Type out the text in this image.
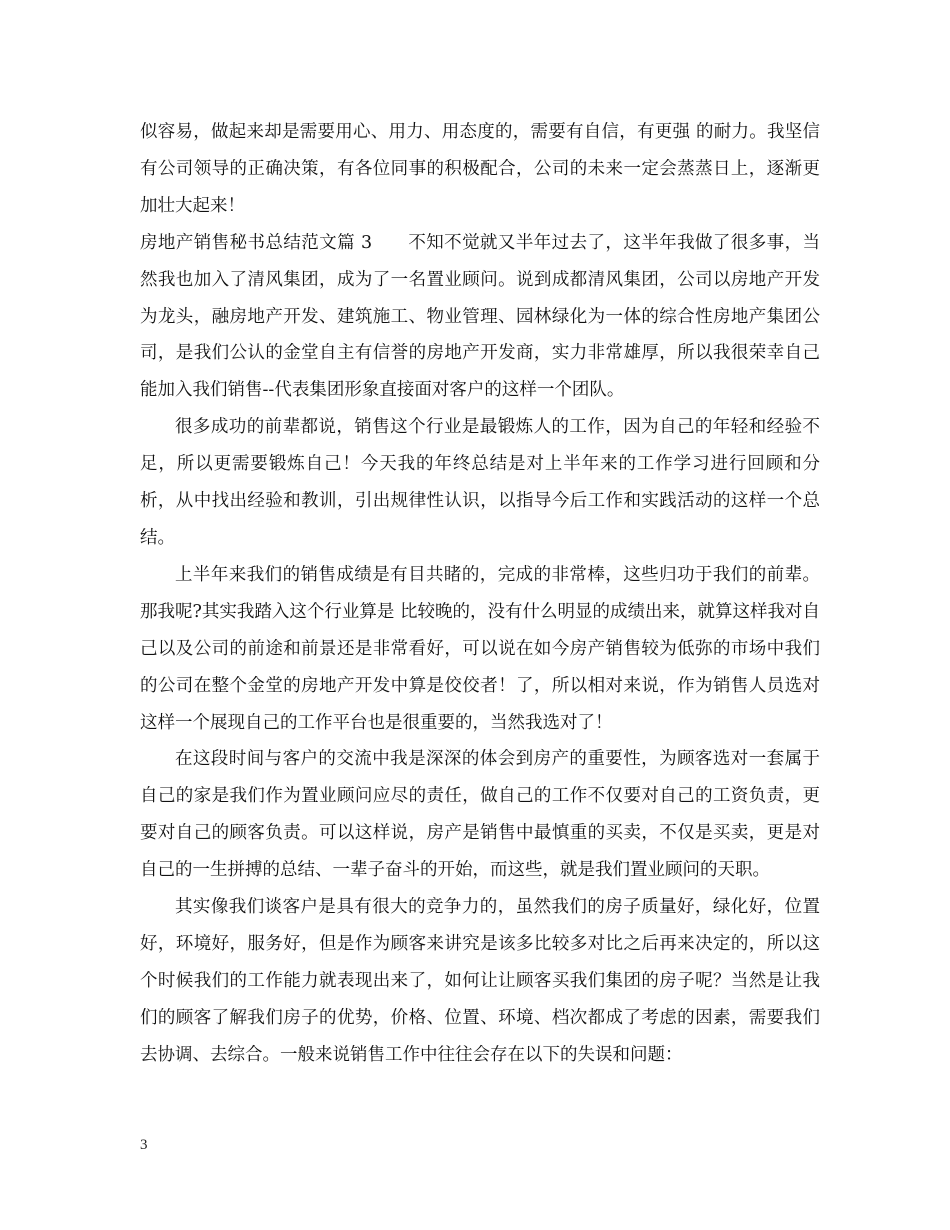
似容易，做起来却是需要用心、用力、用态度的，需要有自信，有更强 的耐力。我坚信有公司领导的正确决策，有各位同事的积极配合，公司的未来一定会蒸蒸日上，逐渐更加壮大起来！

房地产销售秘书总结范文篇 3　　不知不觉就又半年过去了，这半年我做了很多事，当然我也加入了清风集团，成为了一名置业顾问。说到成都清风集团，公司以房地产开发为龙头，融房地产开发、建筑施工、物业管理、园林绿化为一体的综合性房地产集团公司，是我们公认的金堂自主有信誉的房地产开发商，实力非常雄厚，所以我很荣幸自己能加入我们销售--代表集团形象直接面对客户的这样一个团队。

很多成功的前辈都说，销售这个行业是最锻炼人的工作，因为自己的年轻和经验不足，所以更需要锻炼自己！今天我的年终总结是对上半年来的工作学习进行回顾和分析，从中找出经验和教训，引出规律性认识，以指导今后工作和实践活动的这样一个总结。

上半年来我们的销售成绩是有目共睹的，完成的非常棒，这些归功于我们的前辈。那我呢?其实我踏入这个行业算是 比较晚的，没有什么明显的成绩出来，就算这样我对自己以及公司的前途和前景还是非常看好，可以说在如今房产销售较为低弥的市场中我们的公司在整个金堂的房地产开发中算是佼佼者！了，所以相对来说，作为销售人员选对这样一个展现自己的工作平台也是很重要的，当然我选对了！

在这段时间与客户的交流中我是深深的体会到房产的重要性，为顾客选对一套属于自己的家是我们作为置业顾问应尽的责任，做自己的工作不仅要对自己的工资负责，更要对自己的顾客负责。可以这样说，房产是销售中最慎重的买卖，不仅是买卖，更是对自己的一生拼搏的总结、一辈子奋斗的开始，而这些，就是我们置业顾问的天职。

其实像我们谈客户是具有很大的竞争力的，虽然我们的房子质量好，绿化好，位置好，环境好，服务好，但是作为顾客来讲究是该多比较多对比之后再来决定的，所以这个时候我们的工作能力就表现出来了，如何让让顾客买我们集团的房子呢？当然是让我们的顾客了解我们房子的优势，价格、位置、环境、档次都成了考虑的因素，需要我们去协调、去综合。一般来说销售工作中往往会存在以下的失误和问题：

3
